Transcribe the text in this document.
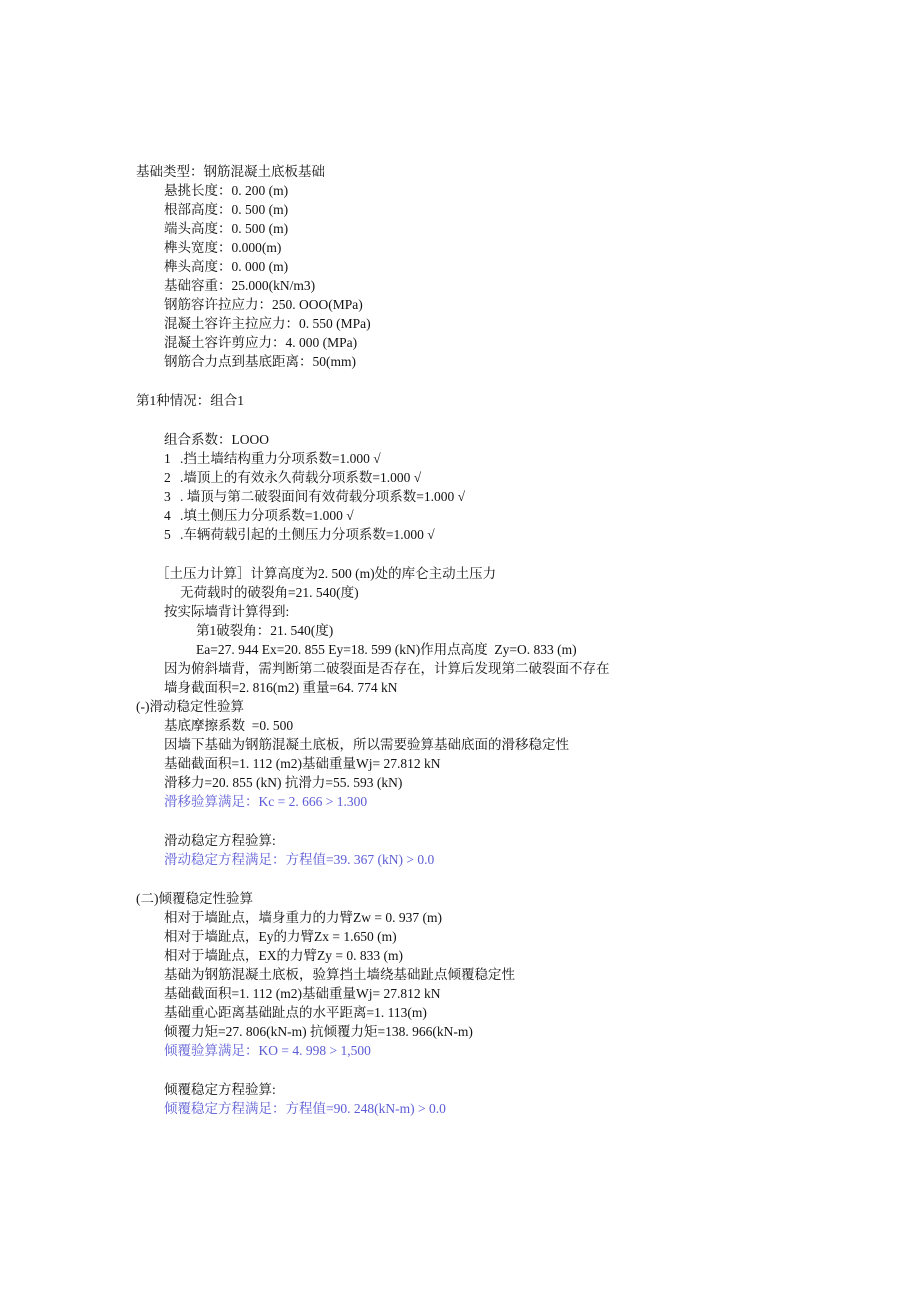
基础类型：钢筋混凝土底板基础
悬挑长度：0. 200 (m)
根部高度：0. 500 (m)
端头高度：0. 500 (m)
榫头宽度：0.000(m)
榫头高度：0. 000 (m)
基础容重：25.000(kN/m3)
钢筋容许拉应力：250. OOO(MPa)
混凝土容许主拉应力：0. 550 (MPa)
混凝土容许剪应力：4. 000 (MPa)
钢筋合力点到基底距离：50(mm)
第1种情况：组合1
组合系数：LOOO
1 .挡土墙结构重力分项系数=1.000 √
2 .墙顶上的有效永久荷载分项系数=1.000 √
3 . 墙顶与第二破裂面间有效荷载分项系数=1.000 √
4 .填土侧压力分项系数=1.000 √
5 .车辆荷载引起的土侧压力分项系数=1.000 √
［土压力计算］计算高度为2. 500 (m)处的库仑主动土压力
无荷载时的破裂角=21. 540(度)
按实际墙背计算得到:
第1破裂角：21. 540(度)
Ea=27. 944 Ex=20. 855 Ey=18. 599 (kN)作用点高度  Zy=O. 833 (m)
因为俯斜墙背，需判断第二破裂面是否存在，计算后发现第二破裂面不存在
墙身截面积=2. 816(m2) 重量=64. 774 kN
(-)滑动稳定性验算
基底摩擦系数  =0. 500
因墙下基础为钢筋混凝土底板，所以需要验算基础底面的滑移稳定性
基础截面积=1. 112 (m2)基础重量Wj= 27.812 kN
滑移力=20. 855 (kN) 抗滑力=55. 593 (kN)
滑移验算满足：Kc = 2. 666 > 1.300
滑动稳定方程验算:
滑动稳定方程满足：方程值=39. 367 (kN) > 0.0
(二)倾覆稳定性验算
相对于墙趾点，墙身重力的力臂Zw = 0. 937 (m)
相对于墙趾点，Ey的力臂Zx = 1.650 (m)
相对于墙趾点，EX的力臂Zy = 0. 833 (m)
基础为钢筋混凝土底板，验算挡土墙绕基础趾点倾覆稳定性
基础截面积=1. 112 (m2)基础重量Wj= 27.812 kN
基础重心距离基础趾点的水平距离=1. 113(m)
倾覆力矩=27. 806(kN-m) 抗倾覆力矩=138. 966(kN-m)
倾覆验算满足：KO = 4. 998 > 1,500
倾覆稳定方程验算:
倾覆稳定方程满足：方程值=90. 248(kN-m) > 0.0
